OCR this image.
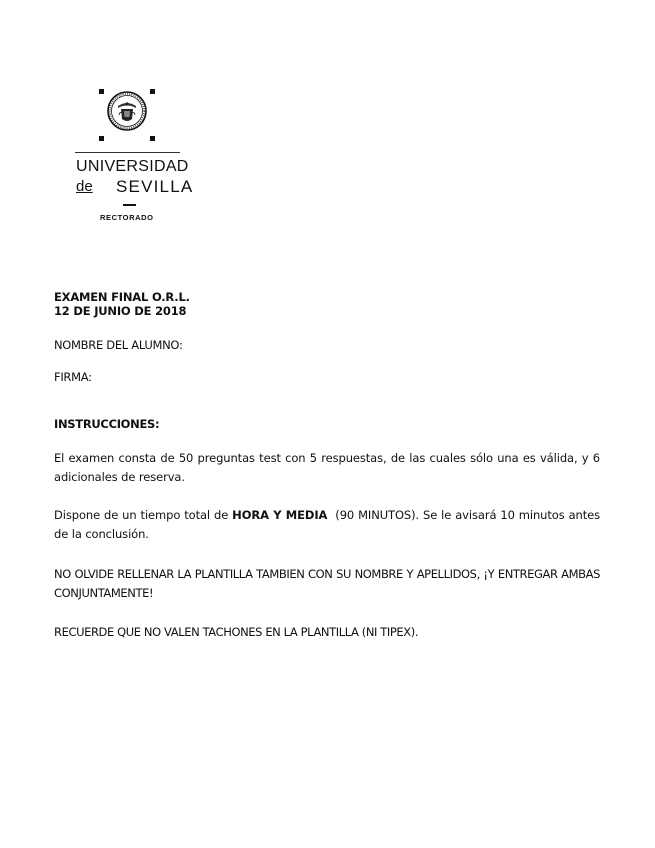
UNIVERSIDAD
de SEVILLA
RECTORADO
EXAMEN FINAL O.R.L.
12 DE JUNIO DE 2018
NOMBRE DEL ALUMNO:
FIRMA:
INSTRUCCIONES:
El examen consta de 50 preguntas test con 5 respuestas, de las cuales sólo una es válida, y 6 adicionales de reserva.
Dispone de un tiempo total de HORA Y MEDIA  (90 MINUTOS). Se le avisará 10 minutos antes de la conclusión.
NO OLVIDE RELLENAR LA PLANTILLA TAMBIEN CON SU NOMBRE Y APELLIDOS, ¡Y ENTREGAR AMBAS CONJUNTAMENTE!
RECUERDE QUE NO VALEN TACHONES EN LA PLANTILLA (NI TIPEX).
